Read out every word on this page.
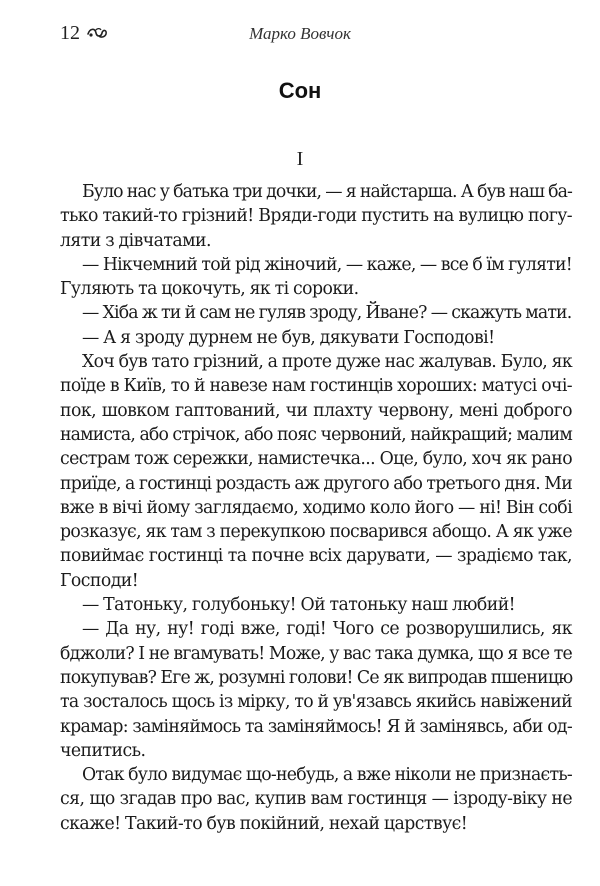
12	Марко Вовчок
Сон
I
Було нас у батька три дочки, — я найстарша. А був наш ба-
тько такий-то грізний! Вряди-годи пустить на вулицю погу-
ляти з дівчатами.
— Нікчемний той рід жіночий, — каже, — все б їм гуляти!
Гуляють та цокочуть, як ті сороки.
— Хіба ж ти й сам не гуляв зроду, Йване? — скажуть мати.
— А я зроду дурнем не був, дякувати Господові!
Хоч був тато грізний, а проте дуже нас жалував. Було, як
поїде в Київ, то й навезе нам гостинців хороших: матусі очі-
пок, шовком гаптований, чи плахту червону, мені доброго
намиста, або стрічок, або пояс червоний, найкращий; малим
сестрам тож сережки, намистечка... Оце, було, хоч як рано
приїде, а гостинці роздасть аж другого або третього дня. Ми
вже в вічі йому заглядаємо, ходимо коло його — ні! Він собі
розказує, як там з перекупкою посварився абощо. А як уже
повиймає гостинці та почне всіх дарувати, — зрадіємо так,
Господи!
— Татоньку, голубоньку! Ой татоньку наш любий!
— Да ну, ну! годі вже, годі! Чого се розворушились, як
бджоли? І не вгамувать! Може, у вас така думка, що я все те
покупував? Еге ж, розумні голови! Се як випродав пшеницю
та зосталось щось із мірку, то й ув'язавсь якийсь навіжений
крамар: заміняймось та заміняймось! Я й замінявсь, аби од-
чепитись.
Отак було видумає що-небудь, а вже ніколи не признаєть-
ся, що згадав про вас, купив вам гостинця — ізроду-віку не
скаже! Такий-то був покійний, нехай царствує!
